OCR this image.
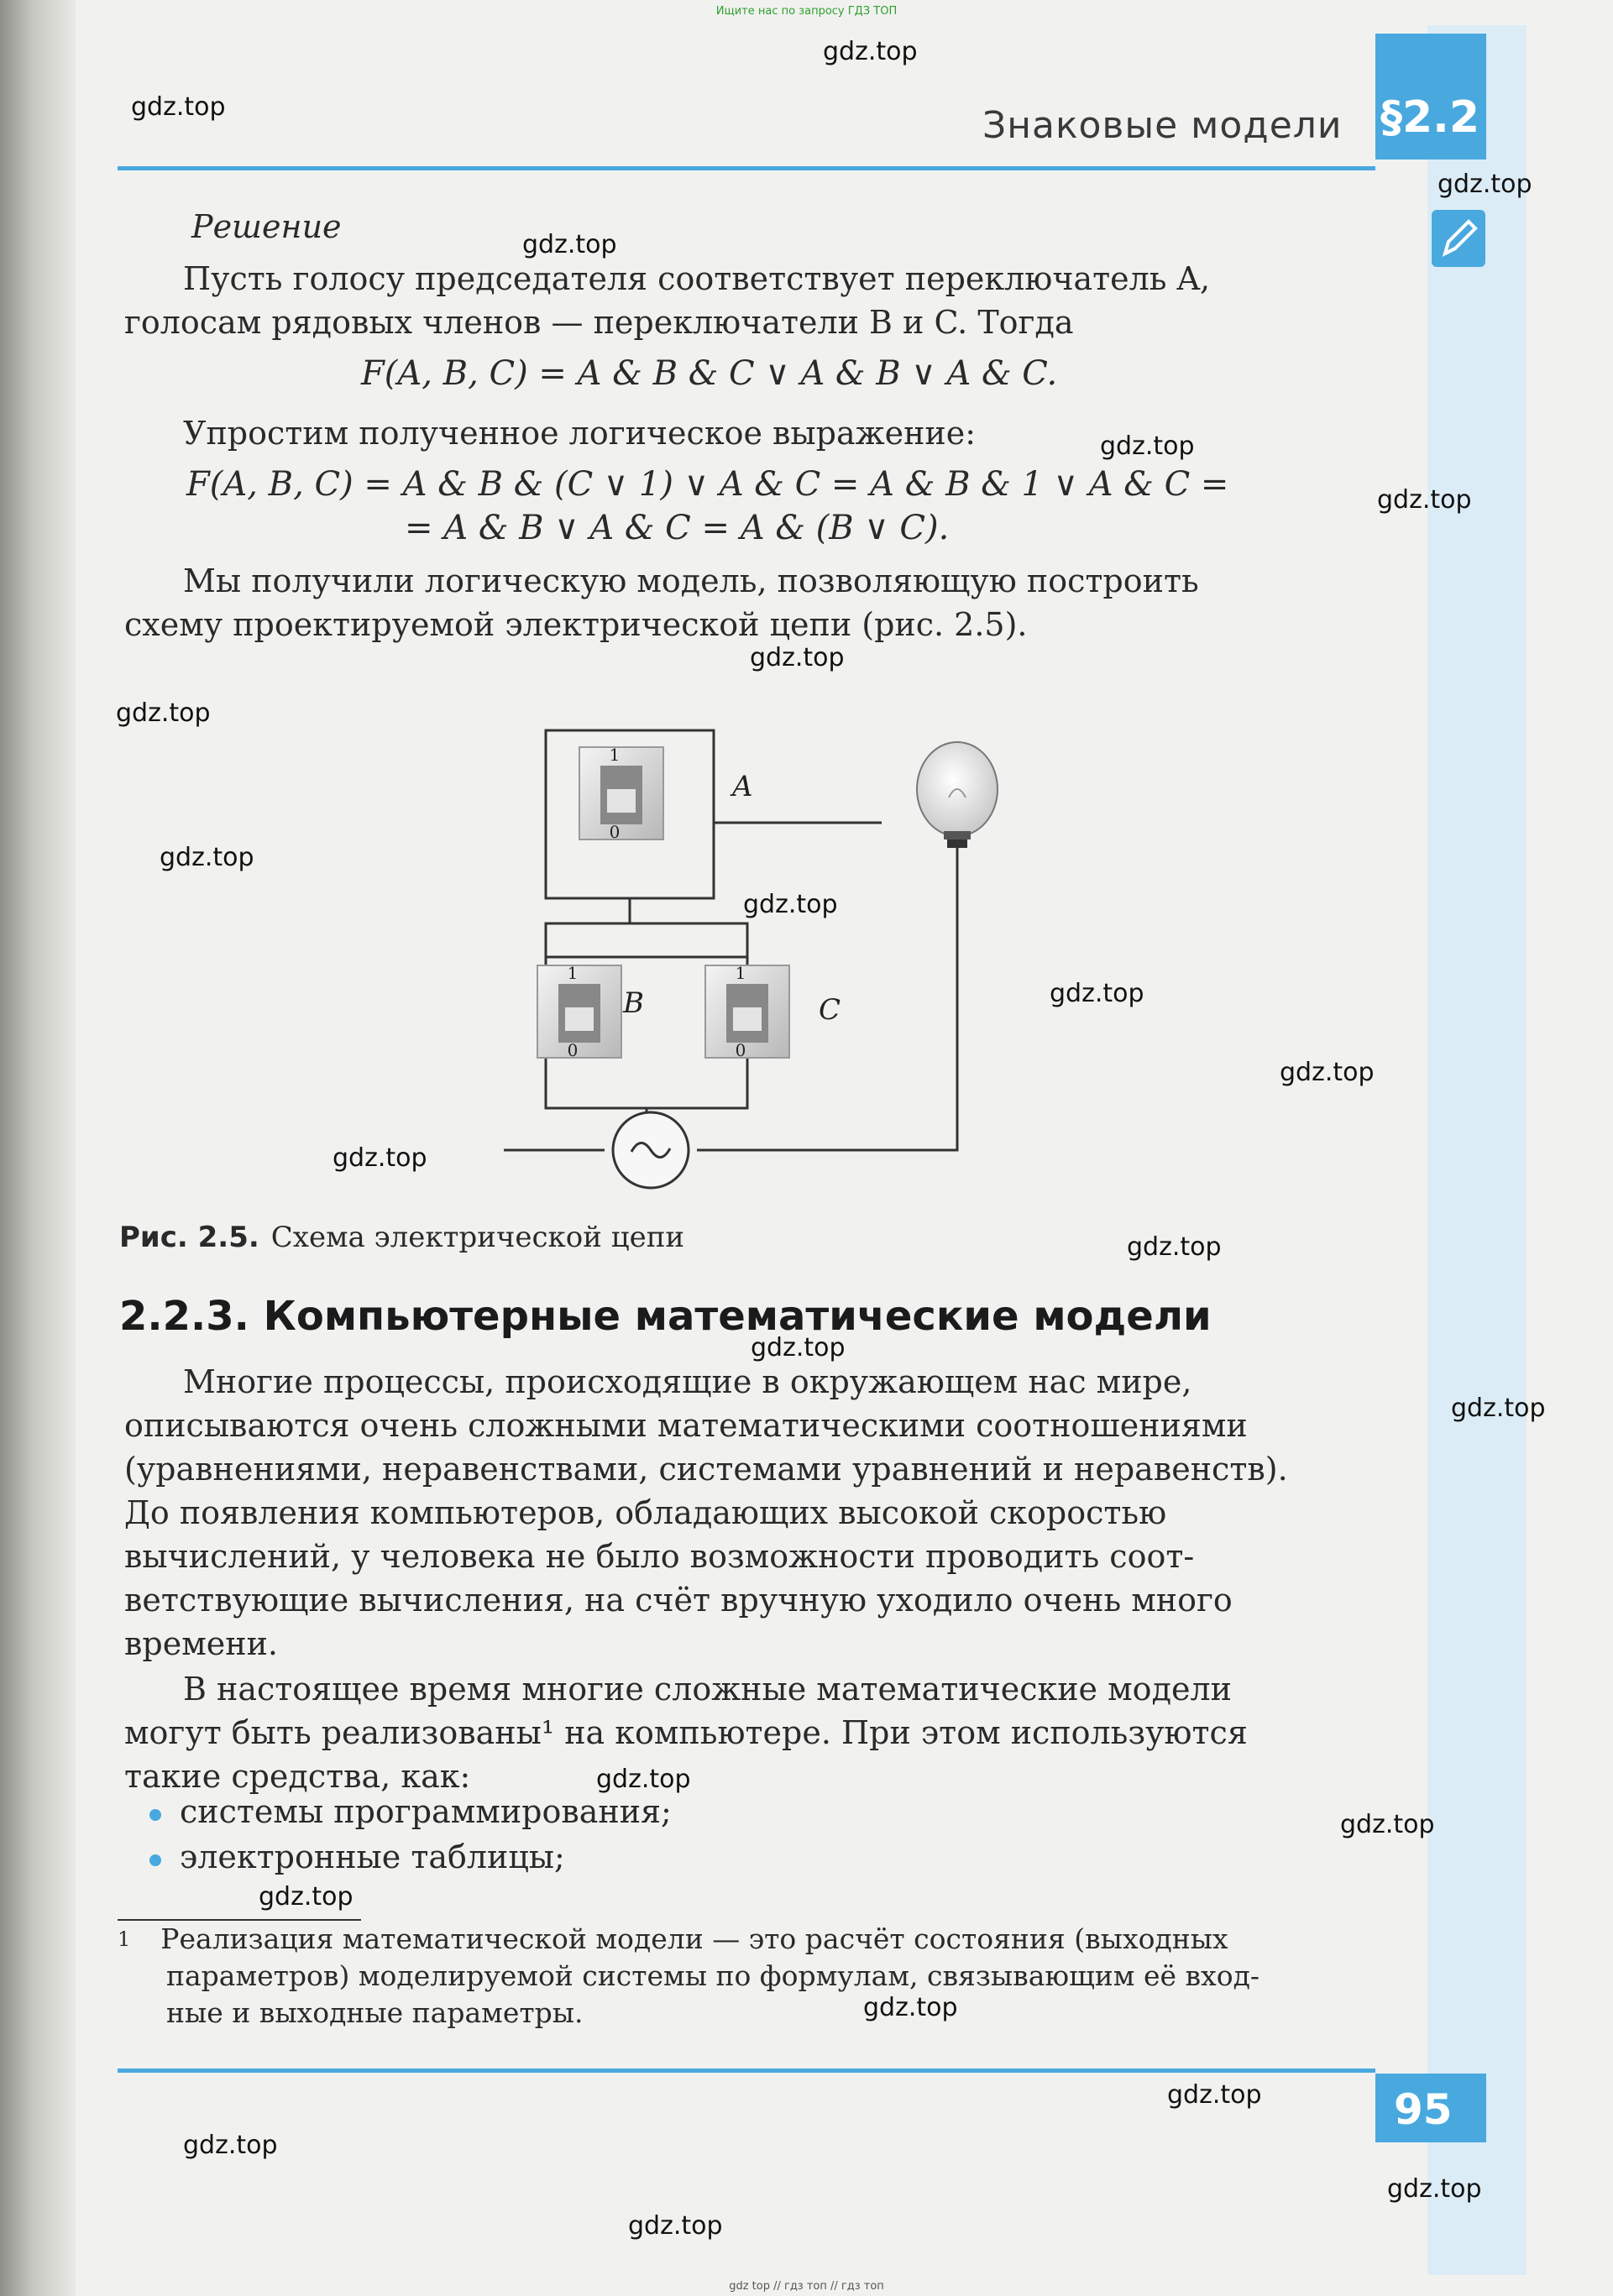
Ищите нас по запросу ГДЗ ТОП
§2.2
Знаковые модели
gdz.top
gdz.top
gdz.top
gdz.top
gdz.top
gdz.top
gdz.top
gdz.top
gdz.top
gdz.top
gdz.top
gdz.top
gdz.top
gdz.top
gdz.top
gdz.top
gdz.top
gdz.top
gdz.top
gdz.top
gdz.top
gdz.top
gdz.top
gdz.top
Решение
Пусть голосу председателя соответствует переключатель A,
голосам рядовых членов — переключатели B и C. Тогда
F(A, B, C) = A & B & C ∨ A & B ∨ A & C.
Упростим полученное логическое выражение:
F(A, B, C) = A & B & (C ∨ 1) ∨ A & C = A & B & 1 ∨ A & C =
= A & B ∨ A & C = A & (B ∨ C).
Мы получили логическую модель, позволяющую построить
схему проектируемой электрической цепи (рис. 2.5).
1
0
A
1
0
B
1
0
C
Рис. 2.5. Схема электрической цепи
2.2.3. Компьютерные математические модели
Многие процессы, происходящие в окружающем нас мире,
описываются очень сложными математическими соотношениями
(уравнениями, неравенствами, системами уравнений и неравенств).
До появления компьютеров, обладающих высокой скоростью
вычислений, у человека не было возможности проводить соот-
ветствующие вычисления, на счёт вручную уходило очень много
времени.
В настоящее время многие сложные математические модели
могут быть реализованы¹ на компьютере. При этом используются
такие средства, как:
системы программирования;
электронные таблицы;
$^1$ Реализация математической модели — это расчёт состояния (выходных
параметров) моделируемой системы по формулам, связывающим её вход-
ные и выходные параметры.
95
gdz top // гдз топ // гдз топ
